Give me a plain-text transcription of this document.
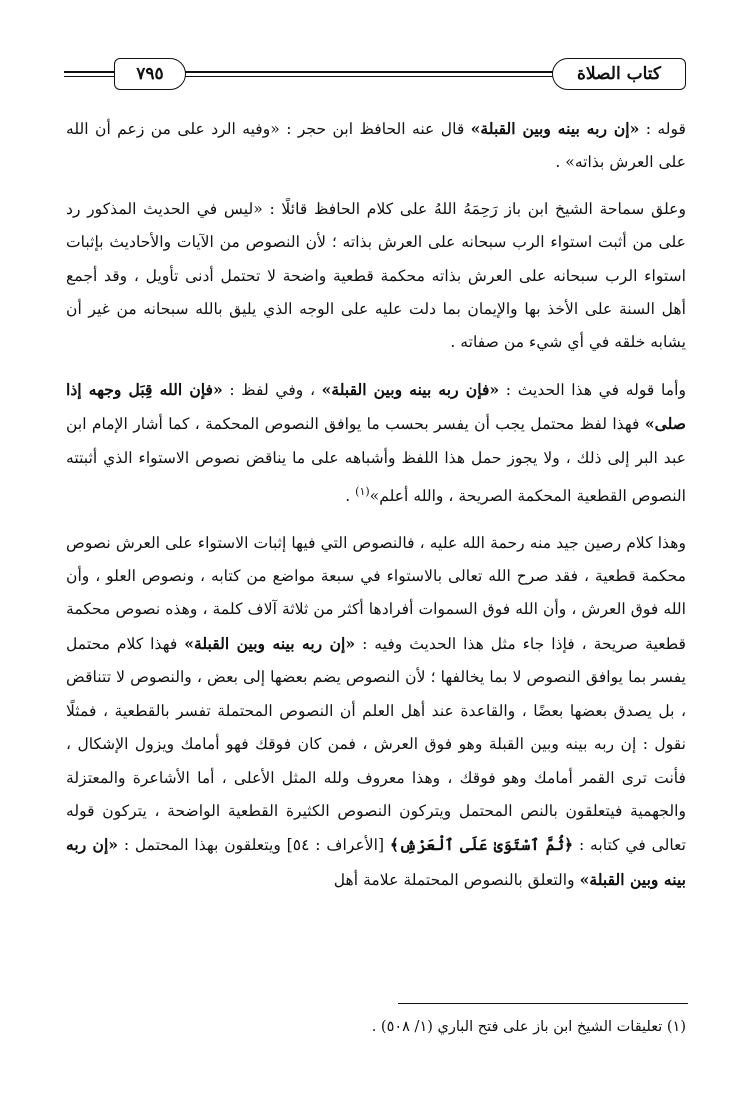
كتاب الصلاة
٧٩٥

قوله : «إن ربه بينه وبين القبلة» قال عنه الحافظ ابن حجر : «وفيه الرد على من زعم أن الله على العرش بذاته» .

وعلق سماحة الشيخ ابن باز رَحِمَهُ اللهُ على كلام الحافظ قائلًا : «ليس في الحديث المذكور رد على من أثبت استواء الرب سبحانه على العرش بذاته ؛ لأن النصوص من الآيات والأحاديث بإثبات استواء الرب سبحانه على العرش بذاته محكمة قطعية واضحة لا تحتمل أدنى تأويل ، وقد أجمع أهل السنة على الأخذ بها والإيمان بما دلت عليه على الوجه الذي يليق بالله سبحانه من غير أن يشابه خلقه في أي شيء من صفاته .

وأما قوله في هذا الحديث : «فإن ربه بينه وبين القبلة» ، وفي لفظ : «فإن الله قِبَل وجهه إذا صلى» فهذا لفظ محتمل يجب أن يفسر بحسب ما يوافق النصوص المحكمة ، كما أشار الإمام ابن عبد البر إلى ذلك ، ولا يجوز حمل هذا اللفظ وأشباهه على ما يناقض نصوص الاستواء الذي أثبتته النصوص القطعية المحكمة الصريحة ، والله أعلم»$^{(١)}$ .

وهذا كلام رصين جيد منه رحمة الله عليه ، فالنصوص التي فيها إثبات الاستواء على العرش نصوص محكمة قطعية ، فقد صرح الله تعالى بالاستواء في سبعة مواضع من كتابه ، ونصوص العلو ، وأن الله فوق العرش ، وأن الله فوق السموات أفرادها أكثر من ثلاثة آلاف كلمة ، وهذه نصوص محكمة قطعية صريحة ، فإذا جاء مثل هذا الحديث وفيه : «إن ربه بينه وبين القبلة» فهذا كلام محتمل يفسر بما يوافق النصوص لا بما يخالفها ؛ لأن النصوص يضم بعضها إلى بعض ، والنصوص لا تتناقض ، بل يصدق بعضها بعضًا ، والقاعدة عند أهل العلم أن النصوص المحتملة تفسر بالقطعية ، فمثلًا نقول : إن ربه بينه وبين القبلة وهو فوق العرش ، فمن كان فوقك فهو أمامك ويزول الإشكال ، فأنت ترى القمر أمامك وهو فوقك ، وهذا معروف ولله المثل الأعلى ، أما الأشاعرة والمعتزلة والجهمية فيتعلقون بالنص المحتمل ويتركون النصوص الكثيرة القطعية الواضحة ، يتركون قوله تعالى في كتابه : ﴿ثُمَّ ٱسْتَوَىٰ عَلَى ٱلْعَرْشِ﴾ [الأعراف : ٥٤] ويتعلقون بهذا المحتمل : «إن ربه بينه وبين القبلة» والتعلق بالنصوص المحتملة علامة أهل

(١) تعليقات الشيخ ابن باز على فتح الباري (١/ ٥٠٨) .
